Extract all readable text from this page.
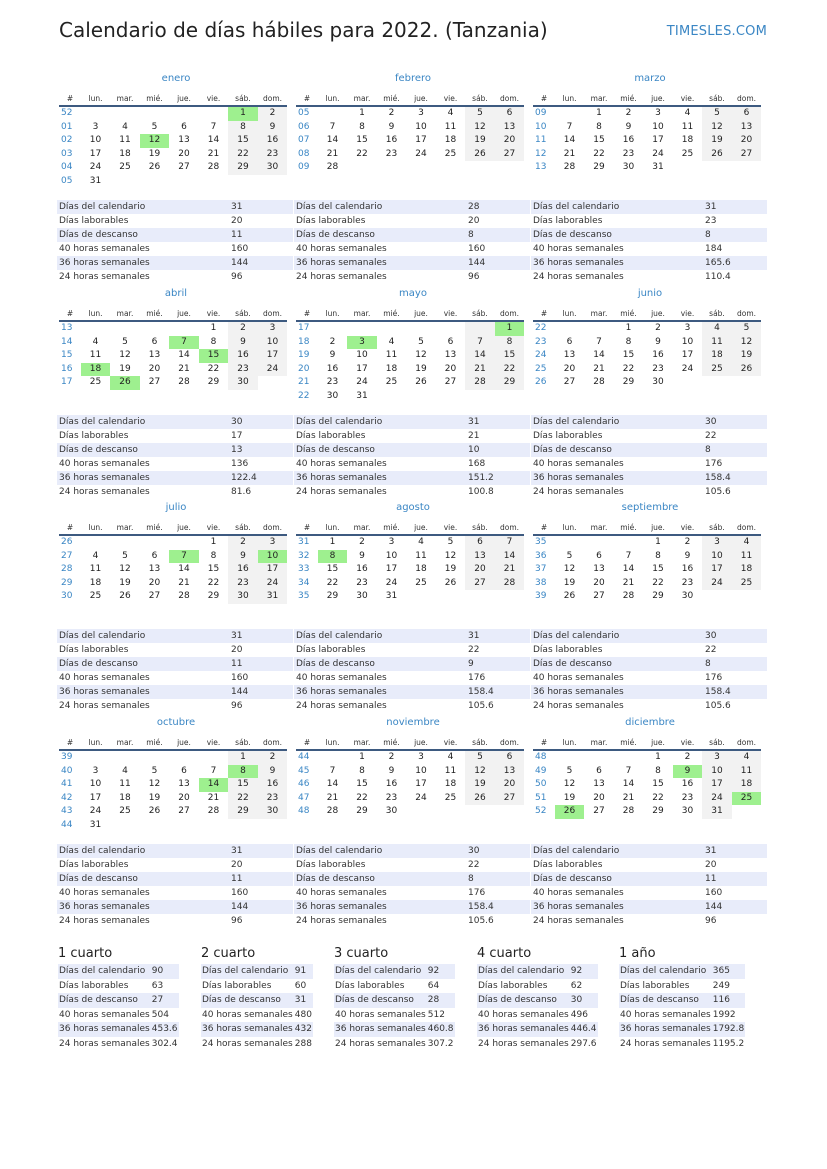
Calendario de días hábiles para 2022. (Tanzania)	TIMESLES.COM
enero
#	lun.	mar.	mié.	jue.	vie.	sáb.	dom.
52						1	2
01	3	4	5	6	7	8	9
02	10	11	12	13	14	15	16
03	17	18	19	20	21	22	23
04	24	25	26	27	28	29	30
05	31						
Días del calendario	31
Días laborables	20
Días de descanso	11
40 horas semanales	160
36 horas semanales	144
24 horas semanales	96
febrero
#	lun.	mar.	mié.	jue.	vie.	sáb.	dom.
05		1	2	3	4	5	6
06	7	8	9	10	11	12	13
07	14	15	16	17	18	19	20
08	21	22	23	24	25	26	27
09	28						
Días del calendario	28
Días laborables	20
Días de descanso	8
40 horas semanales	160
36 horas semanales	144
24 horas semanales	96
marzo
#	lun.	mar.	mié.	jue.	vie.	sáb.	dom.
09		1	2	3	4	5	6
10	7	8	9	10	11	12	13
11	14	15	16	17	18	19	20
12	21	22	23	24	25	26	27
13	28	29	30	31			
Días del calendario	31
Días laborables	23
Días de descanso	8
40 horas semanales	184
36 horas semanales	165.6
24 horas semanales	110.4
abril
#	lun.	mar.	mié.	jue.	vie.	sáb.	dom.
13					1	2	3
14	4	5	6	7	8	9	10
15	11	12	13	14	15	16	17
16	18	19	20	21	22	23	24
17	25	26	27	28	29	30	
Días del calendario	30
Días laborables	17
Días de descanso	13
40 horas semanales	136
36 horas semanales	122.4
24 horas semanales	81.6
mayo
#	lun.	mar.	mié.	jue.	vie.	sáb.	dom.
17							1
18	2	3	4	5	6	7	8
19	9	10	11	12	13	14	15
20	16	17	18	19	20	21	22
21	23	24	25	26	27	28	29
22	30	31					
Días del calendario	31
Días laborables	21
Días de descanso	10
40 horas semanales	168
36 horas semanales	151.2
24 horas semanales	100.8
junio
#	lun.	mar.	mié.	jue.	vie.	sáb.	dom.
22			1	2	3	4	5
23	6	7	8	9	10	11	12
24	13	14	15	16	17	18	19
25	20	21	22	23	24	25	26
26	27	28	29	30			
Días del calendario	30
Días laborables	22
Días de descanso	8
40 horas semanales	176
36 horas semanales	158.4
24 horas semanales	105.6
julio
#	lun.	mar.	mié.	jue.	vie.	sáb.	dom.
26					1	2	3
27	4	5	6	7	8	9	10
28	11	12	13	14	15	16	17
29	18	19	20	21	22	23	24
30	25	26	27	28	29	30	31
Días del calendario	31
Días laborables	20
Días de descanso	11
40 horas semanales	160
36 horas semanales	144
24 horas semanales	96
agosto
#	lun.	mar.	mié.	jue.	vie.	sáb.	dom.
31	1	2	3	4	5	6	7
32	8	9	10	11	12	13	14
33	15	16	17	18	19	20	21
34	22	23	24	25	26	27	28
35	29	30	31				
Días del calendario	31
Días laborables	22
Días de descanso	9
40 horas semanales	176
36 horas semanales	158.4
24 horas semanales	105.6
septiembre
#	lun.	mar.	mié.	jue.	vie.	sáb.	dom.
35				1	2	3	4
36	5	6	7	8	9	10	11
37	12	13	14	15	16	17	18
38	19	20	21	22	23	24	25
39	26	27	28	29	30		
Días del calendario	30
Días laborables	22
Días de descanso	8
40 horas semanales	176
36 horas semanales	158.4
24 horas semanales	105.6
octubre
#	lun.	mar.	mié.	jue.	vie.	sáb.	dom.
39						1	2
40	3	4	5	6	7	8	9
41	10	11	12	13	14	15	16
42	17	18	19	20	21	22	23
43	24	25	26	27	28	29	30
44	31						
Días del calendario	31
Días laborables	20
Días de descanso	11
40 horas semanales	160
36 horas semanales	144
24 horas semanales	96
noviembre
#	lun.	mar.	mié.	jue.	vie.	sáb.	dom.
44		1	2	3	4	5	6
45	7	8	9	10	11	12	13
46	14	15	16	17	18	19	20
47	21	22	23	24	25	26	27
48	28	29	30				
Días del calendario	30
Días laborables	22
Días de descanso	8
40 horas semanales	176
36 horas semanales	158.4
24 horas semanales	105.6
diciembre
#	lun.	mar.	mié.	jue.	vie.	sáb.	dom.
48				1	2	3	4
49	5	6	7	8	9	10	11
50	12	13	14	15	16	17	18
51	19	20	21	22	23	24	25
52	26	27	28	29	30	31	
Días del calendario	31
Días laborables	20
Días de descanso	11
40 horas semanales	160
36 horas semanales	144
24 horas semanales	96
1 cuarto
Días del calendario	90
Días laborables	63
Días de descanso	27
40 horas semanales	504
36 horas semanales	453.6
24 horas semanales	302.4
2 cuarto
Días del calendario	91
Días laborables	60
Días de descanso	31
40 horas semanales	480
36 horas semanales	432
24 horas semanales	288
3 cuarto
Días del calendario	92
Días laborables	64
Días de descanso	28
40 horas semanales	512
36 horas semanales	460.8
24 horas semanales	307.2
4 cuarto
Días del calendario	92
Días laborables	62
Días de descanso	30
40 horas semanales	496
36 horas semanales	446.4
24 horas semanales	297.6
1 año
Días del calendario	365
Días laborables	249
Días de descanso	116
40 horas semanales	1992
36 horas semanales	1792.8
24 horas semanales	1195.2
